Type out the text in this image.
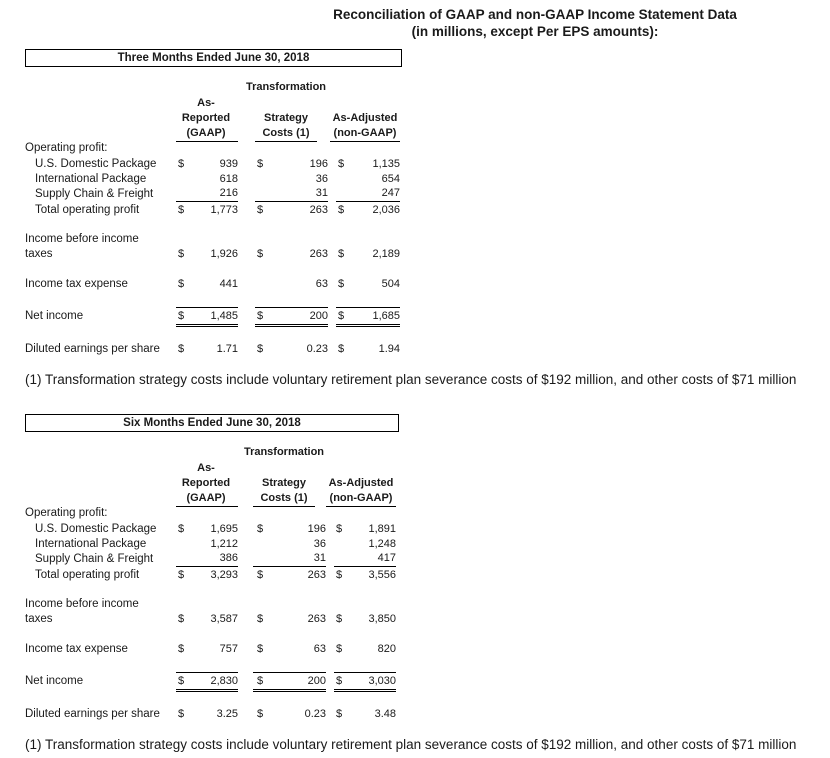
Reconciliation of GAAP and non-GAAP Income Statement Data
(in millions, except Per EPS amounts):
Three Months Ended June 30, 2018
Transformation
As-
Reported
(GAAP)
Strategy
Costs (1)
As-Adjusted
(non-GAAP)
Operating profit:
U.S. Domestic Package $	939 $	196 $	1,135
International Package	618	36	654
Supply Chain & Freight	216	31	247
Total operating profit	$	1,773 $	263 $	2,036
Income before income
taxes	$	1,926 $	263 $	2,189
Income tax expense	$	441	63 $	504
Net income	$	1,485 $	200 $	1,685
Diluted earnings per share $	1.71 $	0.23 $	1.94
(1) Transformation strategy costs include voluntary retirement plan severance costs of $192 million, and other costs of $71 million
Six Months Ended June 30, 2018
Transformation
As-
Reported
(GAAP)
Strategy
Costs (1)
As-Adjusted
(non-GAAP)
Operating profit:
U.S. Domestic Package $	1,695 $	196 $	1,891
International Package	1,212	36	1,248
Supply Chain & Freight	386	31	417
Total operating profit	$	3,293 $	263 $	3,556
Income before income
taxes	$	3,587 $	263 $	3,850
Income tax expense	$	757 $	63 $	820
Net income	$	2,830 $	200 $	3,030
Diluted earnings per share $	3.25 $	0.23 $	3.48
(1) Transformation strategy costs include voluntary retirement plan severance costs of $192 million, and other costs of $71 million
